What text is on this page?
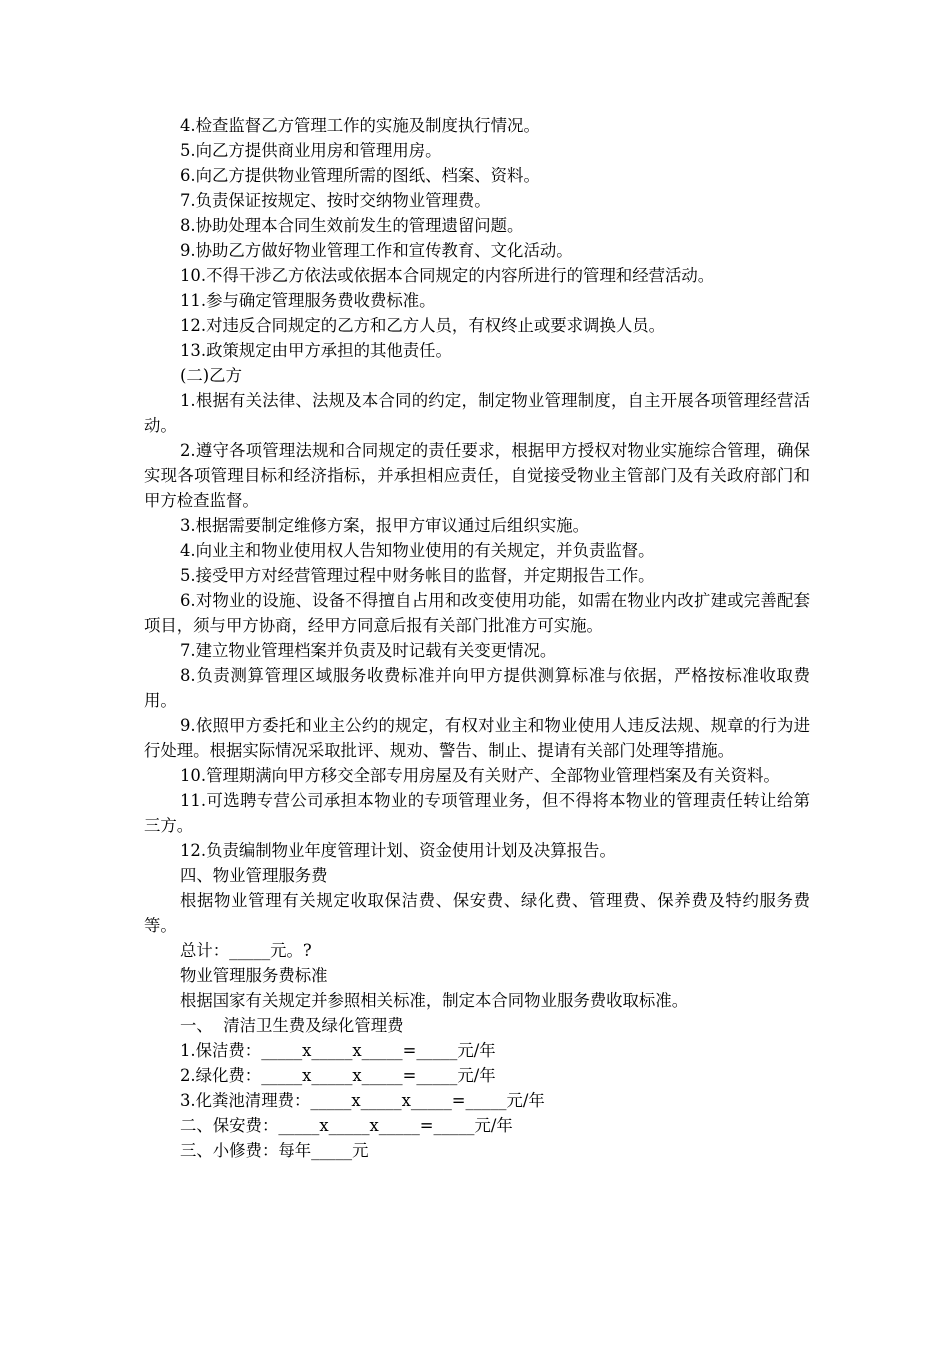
4.检查监督乙方管理工作的实施及制度执行情况。

5.向乙方提供商业用房和管理用房。

6.向乙方提供物业管理所需的图纸、档案、资料。

7.负责保证按规定、按时交纳物业管理费。

8.协助处理本合同生效前发生的管理遗留问题。

9.协助乙方做好物业管理工作和宣传教育、文化活动。

10.不得干涉乙方依法或依据本合同规定的内容所进行的管理和经营活动。

11.参与确定管理服务费收费标准。

12.对违反合同规定的乙方和乙方人员，有权终止或要求调换人员。

13.政策规定由甲方承担的其他责任。

(二)乙方

1.根据有关法律、法规及本合同的约定，制定物业管理制度，自主开展各项管理经营活动。

2.遵守各项管理法规和合同规定的责任要求，根据甲方授权对物业实施综合管理，确保实现各项管理目标和经济指标，并承担相应责任，自觉接受物业主管部门及有关政府部门和甲方检查监督。

3.根据需要制定维修方案，报甲方审议通过后组织实施。

4.向业主和物业使用权人告知物业使用的有关规定，并负责监督。

5.接受甲方对经营管理过程中财务帐目的监督，并定期报告工作。

6.对物业的设施、设备不得擅自占用和改变使用功能，如需在物业内改扩建或完善配套项目，须与甲方协商，经甲方同意后报有关部门批准方可实施。

7.建立物业管理档案并负责及时记载有关变更情况。

8.负责测算管理区域服务收费标准并向甲方提供测算标准与依据，严格按标准收取费用。

9.依照甲方委托和业主公约的规定，有权对业主和物业使用人违反法规、规章的行为进行处理。根据实际情况采取批评、规劝、警告、制止、提请有关部门处理等措施。

10.管理期满向甲方移交全部专用房屋及有关财产、全部物业管理档案及有关资料。

11.可选聘专营公司承担本物业的专项管理业务，但不得将本物业的管理责任转让给第三方。

12.负责编制物业年度管理计划、资金使用计划及决算报告。

四、物业管理服务费

根据物业管理有关规定收取保洁费、保安费、绿化费、管理费、保养费及特约服务费等。

总计：_____元。?

物业管理服务费标准

根据国家有关规定并参照相关标准，制定本合同物业服务费收取标准。

一、  清洁卫生费及绿化管理费

1.保洁费：_____x_____x_____=_____元/年

2.绿化费：_____x_____x_____=_____元/年

3.化粪池清理费：_____x_____x_____=_____元/年

二、保安费：_____x_____x_____=_____元/年

三、小修费：每年_____元
